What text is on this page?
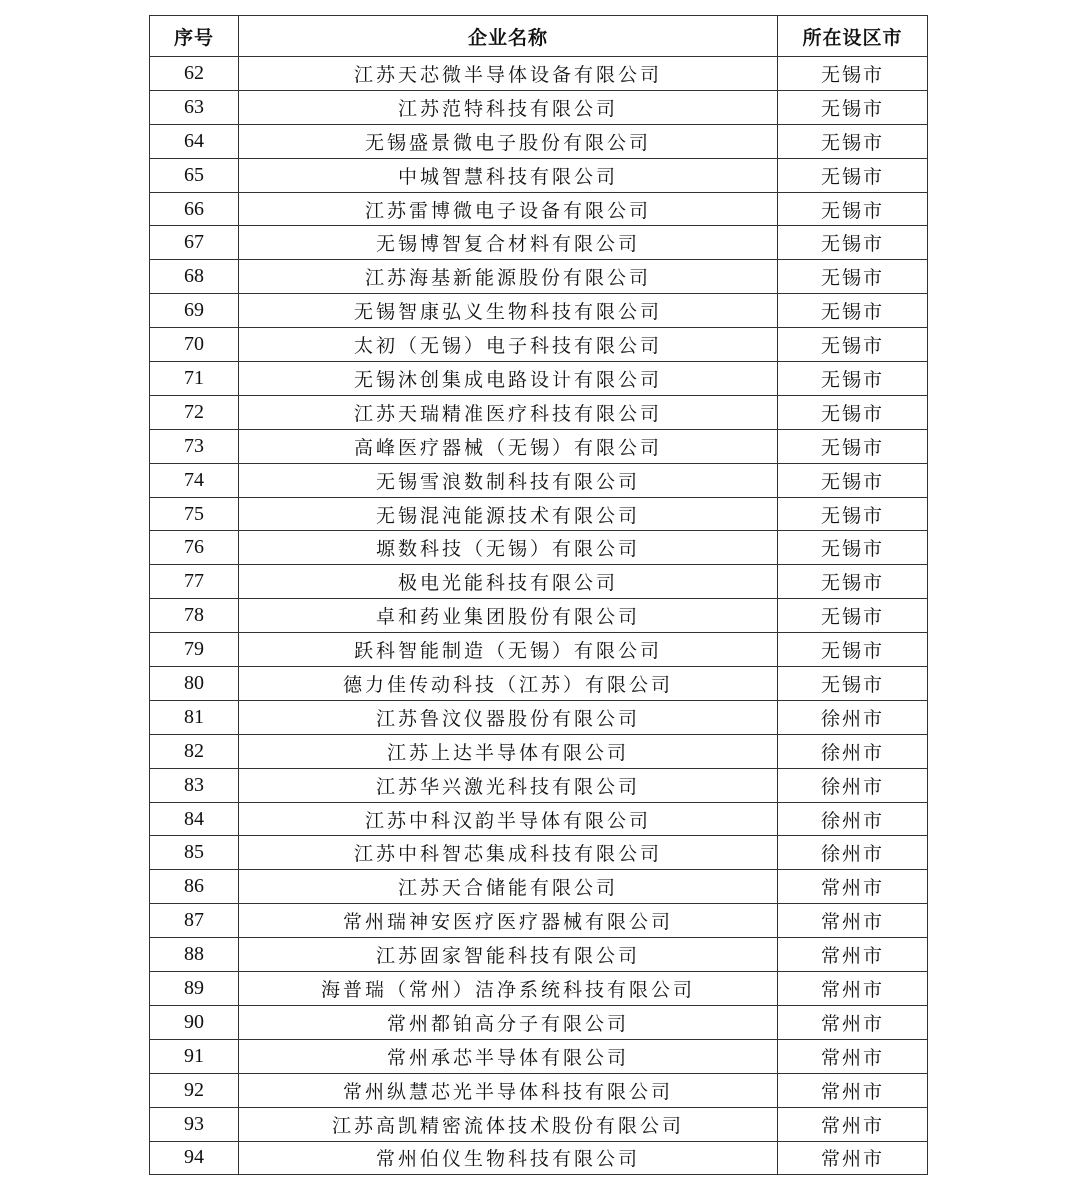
序号	企业名称	所在设区市
62	江苏天芯微半导体设备有限公司	无锡市
63	江苏范特科技有限公司	无锡市
64	无锡盛景微电子股份有限公司	无锡市
65	中城智慧科技有限公司	无锡市
66	江苏雷博微电子设备有限公司	无锡市
67	无锡博智复合材料有限公司	无锡市
68	江苏海基新能源股份有限公司	无锡市
69	无锡智康弘义生物科技有限公司	无锡市
70	太初（无锡）电子科技有限公司	无锡市
71	无锡沐创集成电路设计有限公司	无锡市
72	江苏天瑞精准医疗科技有限公司	无锡市
73	高峰医疗器械（无锡）有限公司	无锡市
74	无锡雪浪数制科技有限公司	无锡市
75	无锡混沌能源技术有限公司	无锡市
76	塬数科技（无锡）有限公司	无锡市
77	极电光能科技有限公司	无锡市
78	卓和药业集团股份有限公司	无锡市
79	跃科智能制造（无锡）有限公司	无锡市
80	德力佳传动科技（江苏）有限公司	无锡市
81	江苏鲁汶仪器股份有限公司	徐州市
82	江苏上达半导体有限公司	徐州市
83	江苏华兴激光科技有限公司	徐州市
84	江苏中科汉韵半导体有限公司	徐州市
85	江苏中科智芯集成科技有限公司	徐州市
86	江苏天合储能有限公司	常州市
87	常州瑞神安医疗医疗器械有限公司	常州市
88	江苏固家智能科技有限公司	常州市
89	海普瑞（常州）洁净系统科技有限公司	常州市
90	常州都铂高分子有限公司	常州市
91	常州承芯半导体有限公司	常州市
92	常州纵慧芯光半导体科技有限公司	常州市
93	江苏高凯精密流体技术股份有限公司	常州市
94	常州伯仪生物科技有限公司	常州市
